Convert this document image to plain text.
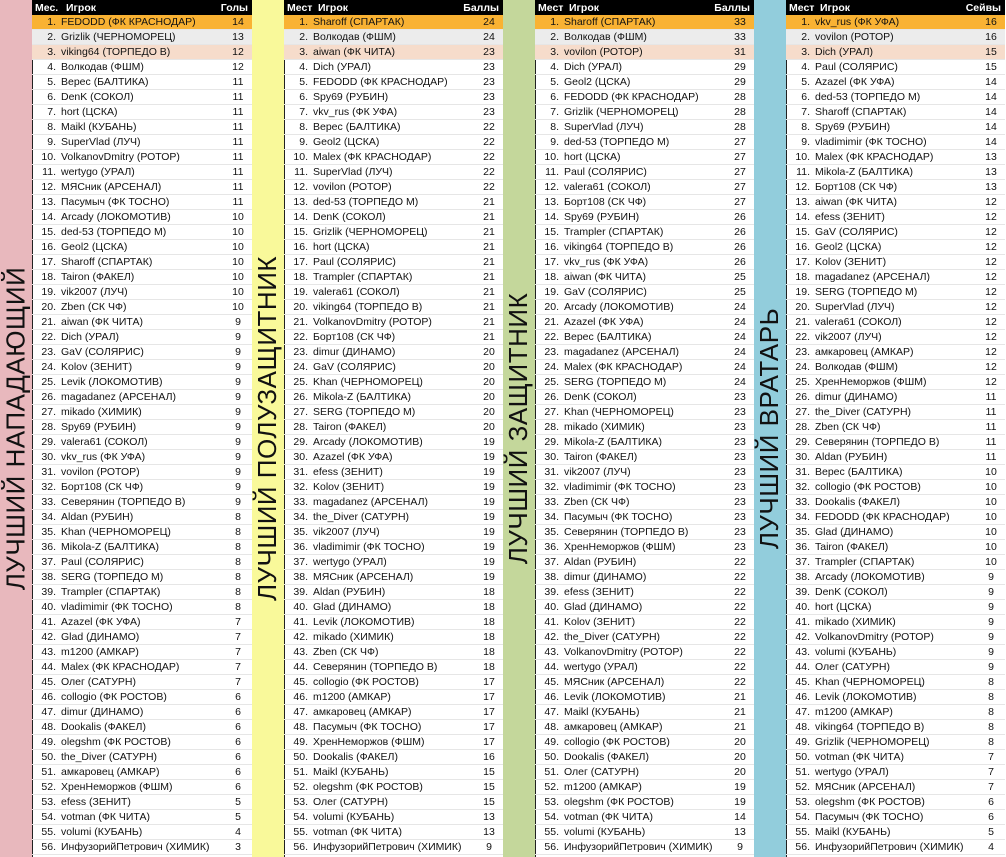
ЛУЧШИЙ НАПАДАЮЩИЙ
Мес. Игрок	Голы
1. FEDODD (ФК КРАСНОДАР)	14
2. Grizlik (ЧЕРНОМОРЕЦ)	13
3. viking64 (ТОРПЕДО В)	12
4. Волкодав (ФШМ)	12
5. Верес (БАЛТИКА)	11
6. DenK (СОКОЛ)	11
7. hort (ЦСКА)	11
8. Maikl (КУБАНЬ)	11
9. SuperVlad (ЛУЧ)	11
10. VolkanovDmitry (РОТОР)	11
11. wertygo (УРАЛ)	11
12. МЯСник (АРСЕНАЛ)	11
13. Пасумыч (ФК ТОСНО)	11
14. Arcady (ЛОКОМОТИВ)	10
15. ded-53 (ТОРПЕДО М)	10
16. Geol2 (ЦСКА)	10
17. Sharoff (СПАРТАК)	10
18. Tairon (ФАКЕЛ)	10
19. vik2007 (ЛУЧ)	10
20. Zben (СК ЧФ)	10
21. aiwan (ФК ЧИТА)	9
22. Dich (УРАЛ)	9
23. GaV (СОЛЯРИС)	9
24. Kolov (ЗЕНИТ)	9
25. Levik (ЛОКОМОТИВ)	9
26. magadanez (АРСЕНАЛ)	9
27. mikado (ХИМИК)	9
28. Spy69 (РУБИН)	9
29. valera61 (СОКОЛ)	9
30. vkv_rus (ФК УФА)	9
31. vovilon (РОТОР)	9
32. Борт108 (СК ЧФ)	9
33. Северянин (ТОРПЕДО В)	9
34. Aldan (РУБИН)	8
35. Khan (ЧЕРНОМОРЕЦ)	8
36. Mikola-Z (БАЛТИКА)	8
37. Paul (СОЛЯРИС)	8
38. SERG (ТОРПЕДО М)	8
39. Trampler (СПАРТАК)	8
40. vladimimir (ФК ТОСНО)	8
41. Azazel (ФК УФА)	7
42. Glad (ДИНАМО)	7
43. m1200 (АМКАР)	7
44. Malex (ФК КРАСНОДАР)	7
45. Олег (САТУРН)	7
46. collogio (ФК РОСТОВ)	6
47. dimur (ДИНАМО)	6
48. Dookalis (ФАКЕЛ)	6
49. olegshm (ФК РОСТОВ)	6
50. the_Diver (САТУРН)	6
51. амкаровец (АМКАР)	6
52. ХренНеморжов (ФШМ)	6
53. efess (ЗЕНИТ)	5
54. votman (ФК ЧИТА)	5
55. volumi (КУБАНЬ)	4
56. ИнфузорийПетрович (ХИМИК)	3
ЛУЧШИЙ ПОЛУЗАЩИТНИК
Мест Игрок	Баллы
1. Sharoff (СПАРТАК)	24
2. Волкодав (ФШМ)	24
3. aiwan (ФК ЧИТА)	23
4. Dich (УРАЛ)	23
5. FEDODD (ФК КРАСНОДАР)	23
6. Spy69 (РУБИН)	23
7. vkv_rus (ФК УФА)	23
8. Верес (БАЛТИКА)	22
9. Geol2 (ЦСКА)	22
10. Malex (ФК КРАСНОДАР)	22
11. SuperVlad (ЛУЧ)	22
12. vovilon (РОТОР)	22
13. ded-53 (ТОРПЕДО М)	21
14. DenK (СОКОЛ)	21
15. Grizlik (ЧЕРНОМОРЕЦ)	21
16. hort (ЦСКА)	21
17. Paul (СОЛЯРИС)	21
18. Trampler (СПАРТАК)	21
19. valera61 (СОКОЛ)	21
20. viking64 (ТОРПЕДО В)	21
21. VolkanovDmitry (РОТОР)	21
22. Борт108 (СК ЧФ)	21
23. dimur (ДИНАМО)	20
24. GaV (СОЛЯРИС)	20
25. Khan (ЧЕРНОМОРЕЦ)	20
26. Mikola-Z (БАЛТИКА)	20
27. SERG (ТОРПЕДО М)	20
28. Tairon (ФАКЕЛ)	20
29. Arcady (ЛОКОМОТИВ)	19
30. Azazel (ФК УФА)	19
31. efess (ЗЕНИТ)	19
32. Kolov (ЗЕНИТ)	19
33. magadanez (АРСЕНАЛ)	19
34. the_Diver (САТУРН)	19
35. vik2007 (ЛУЧ)	19
36. vladimimir (ФК ТОСНО)	19
37. wertygo (УРАЛ)	19
38. МЯСник (АРСЕНАЛ)	19
39. Aldan (РУБИН)	18
40. Glad (ДИНАМО)	18
41. Levik (ЛОКОМОТИВ)	18
42. mikado (ХИМИК)	18
43. Zben (СК ЧФ)	18
44. Северянин (ТОРПЕДО В)	18
45. collogio (ФК РОСТОВ)	17
46. m1200 (АМКАР)	17
47. амкаровец (АМКАР)	17
48. Пасумыч (ФК ТОСНО)	17
49. ХренНеморжов (ФШМ)	17
50. Dookalis (ФАКЕЛ)	16
51. Maikl (КУБАНЬ)	15
52. olegshm (ФК РОСТОВ)	15
53. Олег (САТУРН)	15
54. volumi (КУБАНЬ)	13
55. votman (ФК ЧИТА)	13
56. ИнфузорийПетрович (ХИМИК)	9
ЛУЧШИЙ ЗАЩИТНИК
Мест Игрок	Баллы
1. Sharoff (СПАРТАК)	33
2. Волкодав (ФШМ)	33
3. vovilon (РОТОР)	31
4. Dich (УРАЛ)	29
5. Geol2 (ЦСКА)	29
6. FEDODD (ФК КРАСНОДАР)	28
7. Grizlik (ЧЕРНОМОРЕЦ)	28
8. SuperVlad (ЛУЧ)	28
9. ded-53 (ТОРПЕДО М)	27
10. hort (ЦСКА)	27
11. Paul (СОЛЯРИС)	27
12. valera61 (СОКОЛ)	27
13. Борт108 (СК ЧФ)	27
14. Spy69 (РУБИН)	26
15. Trampler (СПАРТАК)	26
16. viking64 (ТОРПЕДО В)	26
17. vkv_rus (ФК УФА)	26
18. aiwan (ФК ЧИТА)	25
19. GaV (СОЛЯРИС)	25
20. Arcady (ЛОКОМОТИВ)	24
21. Azazel (ФК УФА)	24
22. Верес (БАЛТИКА)	24
23. magadanez (АРСЕНАЛ)	24
24. Malex (ФК КРАСНОДАР)	24
25. SERG (ТОРПЕДО М)	24
26. DenK (СОКОЛ)	23
27. Khan (ЧЕРНОМОРЕЦ)	23
28. mikado (ХИМИК)	23
29. Mikola-Z (БАЛТИКА)	23
30. Tairon (ФАКЕЛ)	23
31. vik2007 (ЛУЧ)	23
32. vladimimir (ФК ТОСНО)	23
33. Zben (СК ЧФ)	23
34. Пасумыч (ФК ТОСНО)	23
35. Северянин (ТОРПЕДО В)	23
36. ХренНеморжов (ФШМ)	23
37. Aldan (РУБИН)	22
38. dimur (ДИНАМО)	22
39. efess (ЗЕНИТ)	22
40. Glad (ДИНАМО)	22
41. Kolov (ЗЕНИТ)	22
42. the_Diver (САТУРН)	22
43. VolkanovDmitry (РОТОР)	22
44. wertygo (УРАЛ)	22
45. МЯСник (АРСЕНАЛ)	22
46. Levik (ЛОКОМОТИВ)	21
47. Maikl (КУБАНЬ)	21
48. амкаровец (АМКАР)	21
49. collogio (ФК РОСТОВ)	20
50. Dookalis (ФАКЕЛ)	20
51. Олег (САТУРН)	20
52. m1200 (АМКАР)	19
53. olegshm (ФК РОСТОВ)	19
54. votman (ФК ЧИТА)	14
55. volumi (КУБАНЬ)	13
56. ИнфузорийПетрович (ХИМИК)	9
ЛУЧШИЙ ВРАТАРЬ
Мест Игрок	Сейвы
1. vkv_rus (ФК УФА)	16
2. vovilon (РОТОР)	16
3. Dich (УРАЛ)	15
4. Paul (СОЛЯРИС)	15
5. Azazel (ФК УФА)	14
6. ded-53 (ТОРПЕДО М)	14
7. Sharoff (СПАРТАК)	14
8. Spy69 (РУБИН)	14
9. vladimimir (ФК ТОСНО)	14
10. Malex (ФК КРАСНОДАР)	13
11. Mikola-Z (БАЛТИКА)	13
12. Борт108 (СК ЧФ)	13
13. aiwan (ФК ЧИТА)	12
14. efess (ЗЕНИТ)	12
15. GaV (СОЛЯРИС)	12
16. Geol2 (ЦСКА)	12
17. Kolov (ЗЕНИТ)	12
18. magadanez (АРСЕНАЛ)	12
19. SERG (ТОРПЕДО М)	12
20. SuperVlad (ЛУЧ)	12
21. valera61 (СОКОЛ)	12
22. vik2007 (ЛУЧ)	12
23. амкаровец (АМКАР)	12
24. Волкодав (ФШМ)	12
25. ХренНеморжов (ФШМ)	12
26. dimur (ДИНАМО)	11
27. the_Diver (САТУРН)	11
28. Zben (СК ЧФ)	11
29. Северянин (ТОРПЕДО В)	11
30. Aldan (РУБИН)	11
31. Верес (БАЛТИКА)	10
32. collogio (ФК РОСТОВ)	10
33. Dookalis (ФАКЕЛ)	10
34. FEDODD (ФК КРАСНОДАР)	10
35. Glad (ДИНАМО)	10
36. Tairon (ФАКЕЛ)	10
37. Trampler (СПАРТАК)	10
38. Arcady (ЛОКОМОТИВ)	9
39. DenK (СОКОЛ)	9
40. hort (ЦСКА)	9
41. mikado (ХИМИК)	9
42. VolkanovDmitry (РОТОР)	9
43. volumi (КУБАНЬ)	9
44. Олег (САТУРН)	9
45. Khan (ЧЕРНОМОРЕЦ)	8
46. Levik (ЛОКОМОТИВ)	8
47. m1200 (АМКАР)	8
48. viking64 (ТОРПЕДО В)	8
49. Grizlik (ЧЕРНОМОРЕЦ)	8
50. votman (ФК ЧИТА)	7
51. wertygo (УРАЛ)	7
52. МЯСник (АРСЕНАЛ)	7
53. olegshm (ФК РОСТОВ)	6
54. Пасумыч (ФК ТОСНО)	6
55. Maikl (КУБАНЬ)	5
56. ИнфузорийПетрович (ХИМИК)	4
